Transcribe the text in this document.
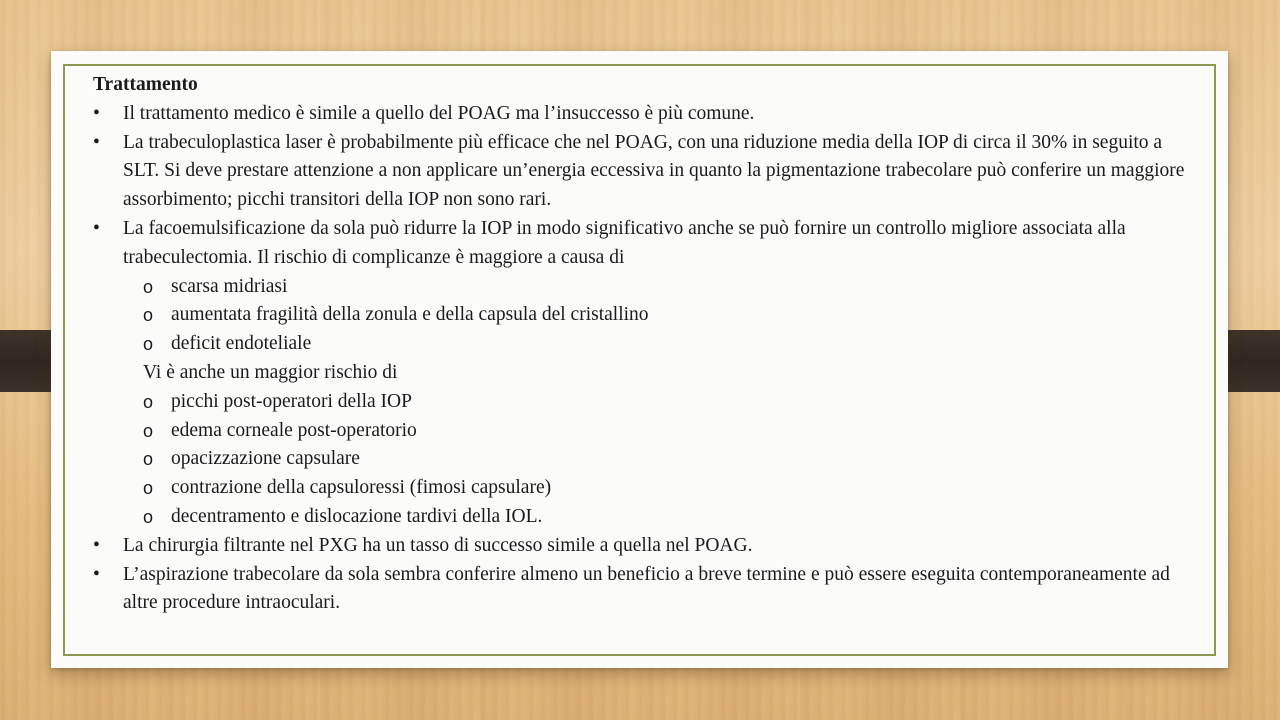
Trattamento
•	Il trattamento medico è simile a quello del POAG ma l’insuccesso è più comune.
•	La trabeculoplastica laser è probabilmente più efficace che nel POAG, con una riduzione media della IOP di circa il 30% in seguito a SLT. Si deve prestare attenzione a non applicare un’energia eccessiva in quanto la pigmentazione trabecolare può conferire un maggiore assorbimento; picchi transitori della IOP non sono rari.
•	La facoemulsificazione da sola può ridurre la IOP in modo significativo anche se può fornire un controllo migliore associata alla trabeculectomia. Il rischio di complicanze è maggiore a causa di
o scarsa midriasi
o aumentata fragilità della zonula e della capsula del cristallino
o deficit endoteliale
Vi è anche un maggior rischio di
o picchi post-operatori della IOP
o edema corneale post-operatorio
o opacizzazione capsulare
o contrazione della capsuloressi (fimosi capsulare)
o decentramento e dislocazione tardivi della IOL.
•	La chirurgia filtrante nel PXG ha un tasso di successo simile a quella nel POAG.
•	L’aspirazione trabecolare da sola sembra conferire almeno un beneficio a breve termine e può essere eseguita contemporaneamente ad altre procedure intraoculari.
